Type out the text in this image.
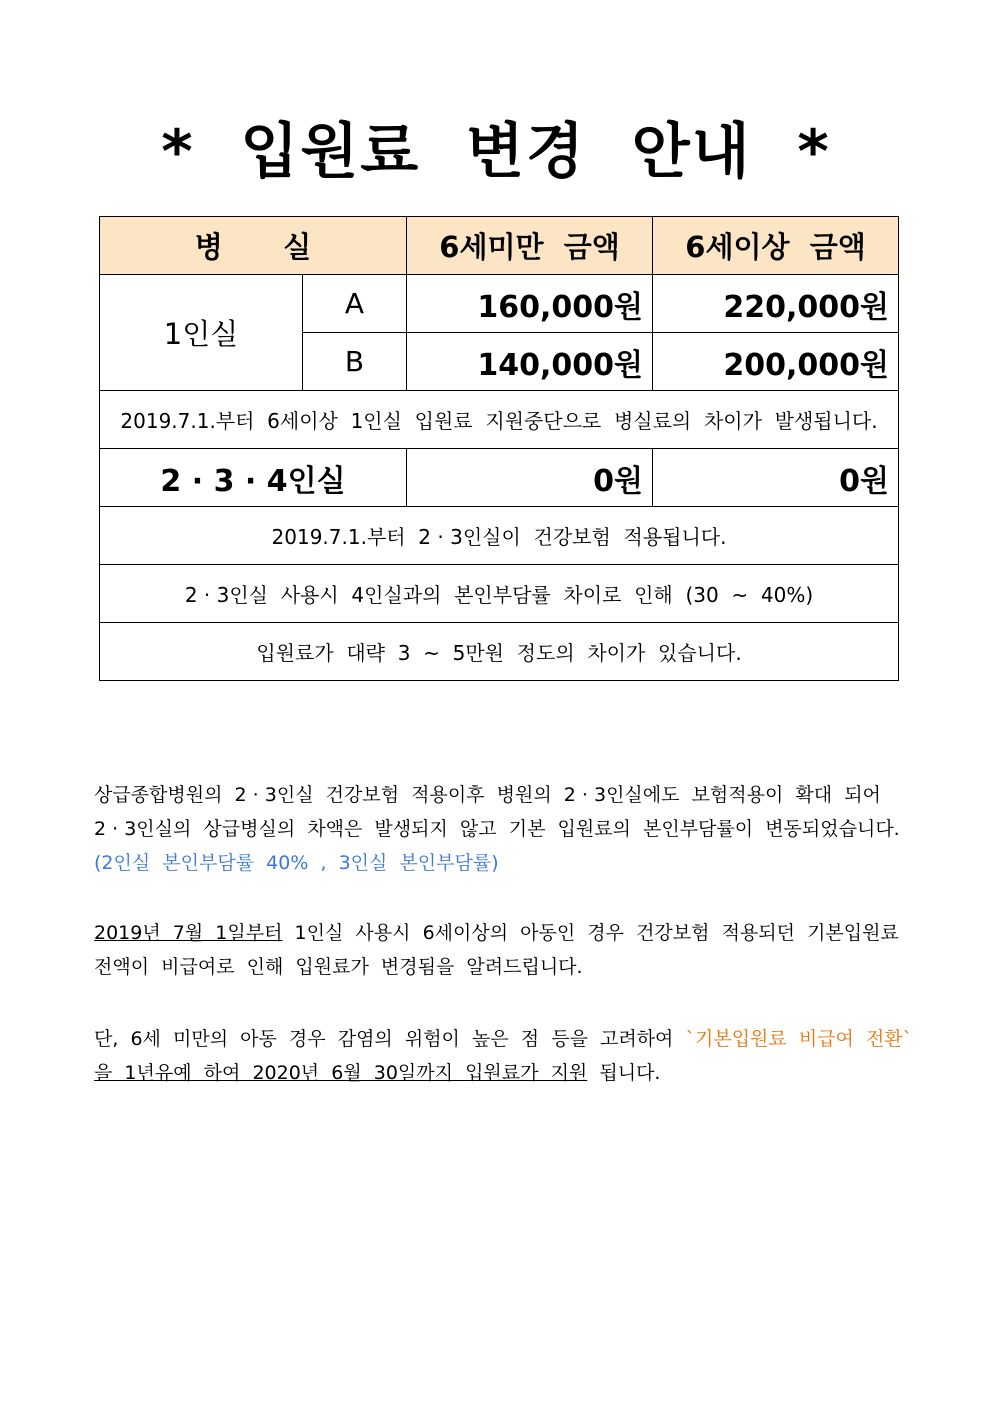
*  입원료  변경  안내  *
병      실		6세미만  금액	6세이상  금액
1인실	A	160,000원	220,000원
	B	140,000원	200,000원
2019.7.1.부터  6세이상  1인실  입원료  지원중단으로  병실료의  차이가  발생됩니다.			
2 · 3 · 4인실		0원	0원
2019.7.1.부터  2 · 3인실이  건강보험  적용됩니다.			
2 · 3인실  사용시  4인실과의  본인부담률  차이로  인해  (30  ~  40%)			
입원료가  대략  3  ~  5만원  정도의  차이가  있습니다.			
상급종합병원의  2 · 3인실  건강보험  적용이후  병원의  2 · 3인실에도  보험적용이  확대  되어
2 · 3인실의  상급병실의  차액은  발생되지  않고  기본  입원료의  본인부담률이  변동되었습니다.
(2인실  본인부담률  40%  ,  3인실  본인부담률)
2019년  7월  1일부터  1인실  사용시  6세이상의  아동인  경우  건강보험  적용되던  기본입원료
전액이  비급여로  인해  입원료가  변경됨을  알려드립니다.
단,  6세  미만의  아동  경우  감염의  위험이  높은  점  등을  고려하여  `기본입원료  비급여  전환`
을  1년유예  하여  2020년  6월  30일까지  입원료가  지원  됩니다.
